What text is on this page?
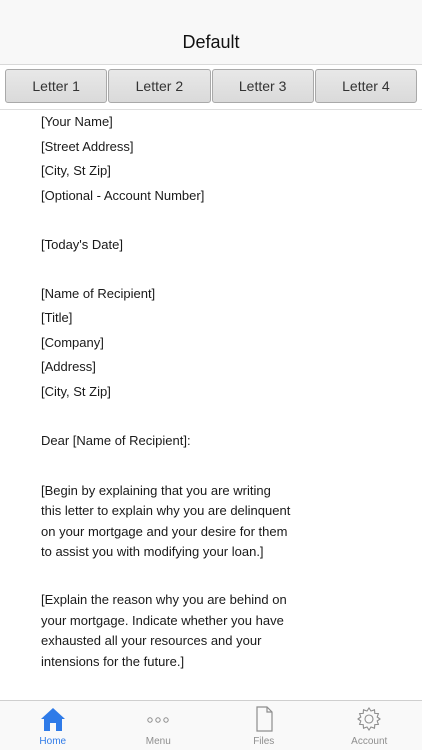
Default
Letter 1	Letter 2	Letter 3	Letter 4
[Your Name]
[Street Address]
[City, St Zip]
[Optional - Account Number]
[Today's Date]
[Name of Recipient]
[Title]
[Company]
[Address]
[City, St Zip]
Dear [Name of Recipient]:
[Begin by explaining that you are writing this letter to explain why you are delinquent on your mortgage and your desire for them to assist you with modifying your loan.]
[Explain the reason why you are behind on your mortgage. Indicate whether you have exhausted all your resources and your intensions for the future.]
Home	Menu	Files	Account
